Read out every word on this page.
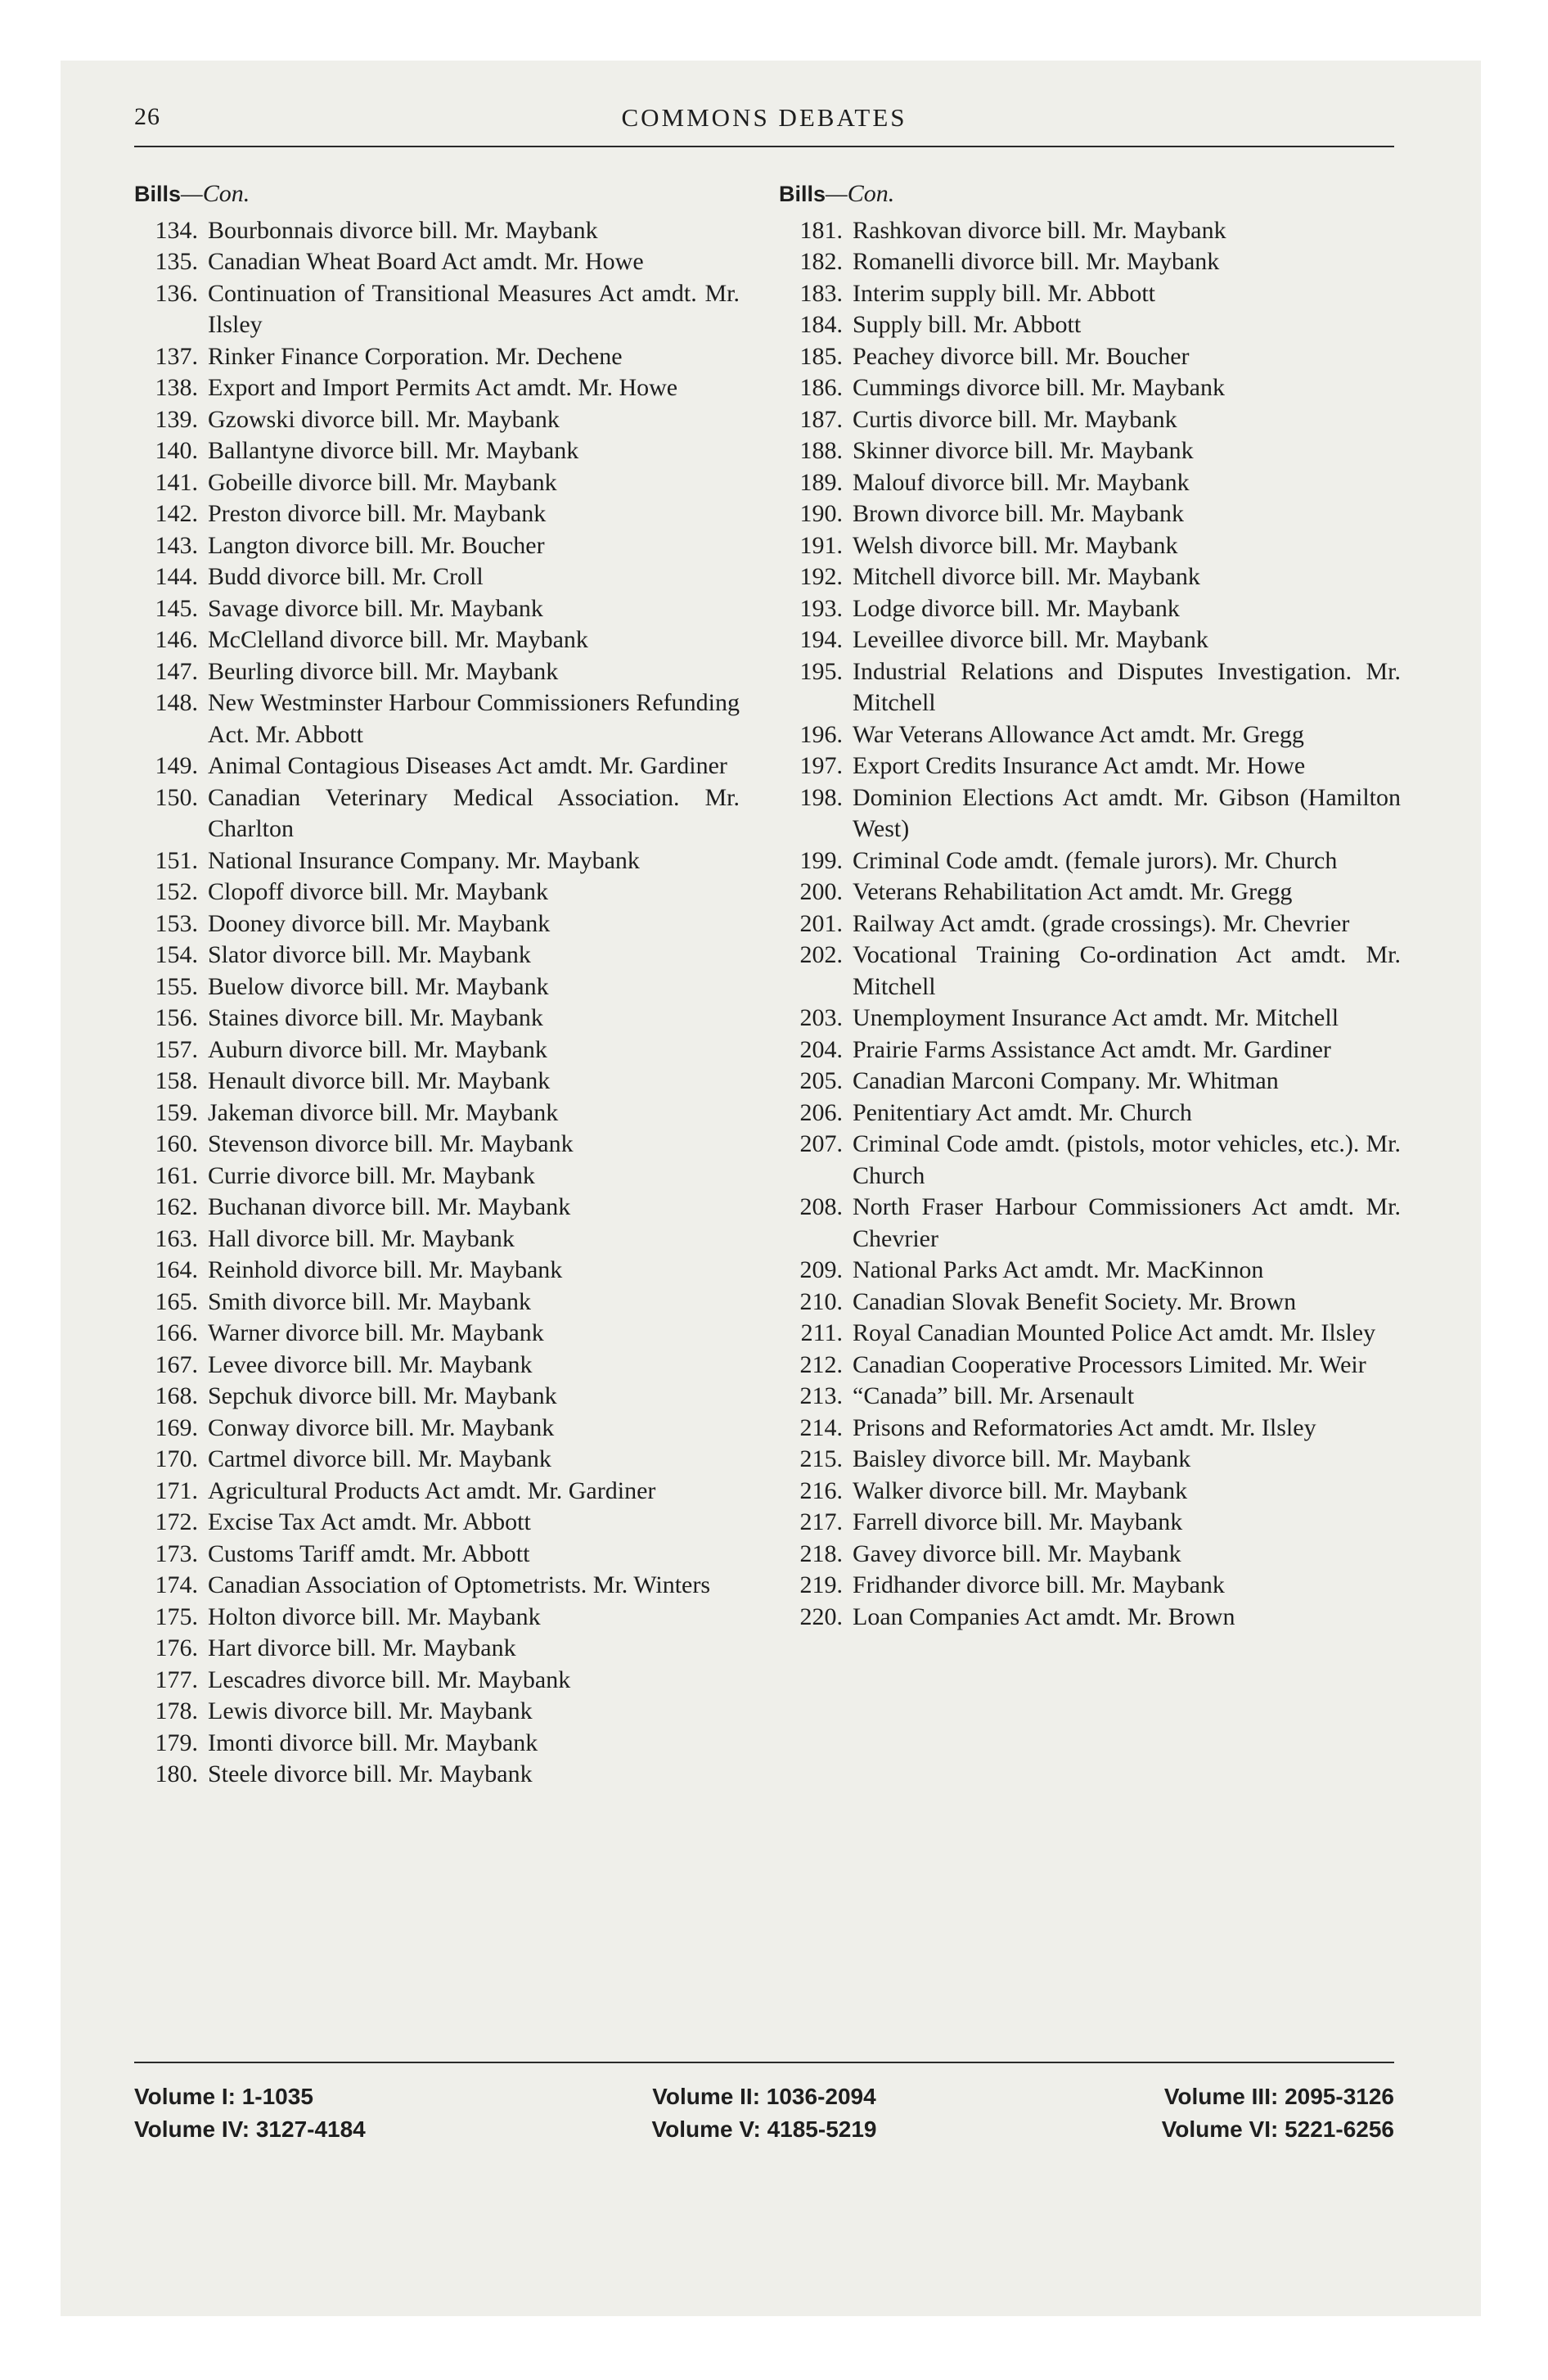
26	COMMONS DEBATES
Bills—Con.
134. Bourbonnais divorce bill. Mr. Maybank
135. Canadian Wheat Board Act amdt. Mr. Howe
136. Continuation of Transitional Measures Act amdt. Mr. Ilsley
137. Rinker Finance Corporation. Mr. Dechene
138. Export and Import Permits Act amdt. Mr. Howe
139. Gzowski divorce bill. Mr. Maybank
140. Ballantyne divorce bill. Mr. Maybank
141. Gobeille divorce bill. Mr. Maybank
142. Preston divorce bill. Mr. Maybank
143. Langton divorce bill. Mr. Boucher
144. Budd divorce bill. Mr. Croll
145. Savage divorce bill. Mr. Maybank
146. McClelland divorce bill. Mr. Maybank
147. Beurling divorce bill. Mr. Maybank
148. New Westminster Harbour Commissioners Refunding Act. Mr. Abbott
149. Animal Contagious Diseases Act amdt. Mr. Gardiner
150. Canadian Veterinary Medical Association. Mr. Charlton
151. National Insurance Company. Mr. Maybank
152. Clopoff divorce bill. Mr. Maybank
153. Dooney divorce bill. Mr. Maybank
154. Slator divorce bill. Mr. Maybank
155. Buelow divorce bill. Mr. Maybank
156. Staines divorce bill. Mr. Maybank
157. Auburn divorce bill. Mr. Maybank
158. Henault divorce bill. Mr. Maybank
159. Jakeman divorce bill. Mr. Maybank
160. Stevenson divorce bill. Mr. Maybank
161. Currie divorce bill. Mr. Maybank
162. Buchanan divorce bill. Mr. Maybank
163. Hall divorce bill. Mr. Maybank
164. Reinhold divorce bill. Mr. Maybank
165. Smith divorce bill. Mr. Maybank
166. Warner divorce bill. Mr. Maybank
167. Levee divorce bill. Mr. Maybank
168. Sepchuk divorce bill. Mr. Maybank
169. Conway divorce bill. Mr. Maybank
170. Cartmel divorce bill. Mr. Maybank
171. Agricultural Products Act amdt. Mr. Gardiner
172. Excise Tax Act amdt. Mr. Abbott
173. Customs Tariff amdt. Mr. Abbott
174. Canadian Association of Optometrists. Mr. Winters
175. Holton divorce bill. Mr. Maybank
176. Hart divorce bill. Mr. Maybank
177. Lescadres divorce bill. Mr. Maybank
178. Lewis divorce bill. Mr. Maybank
179. Imonti divorce bill. Mr. Maybank
180. Steele divorce bill. Mr. Maybank
Bills—Con.
181. Rashkovan divorce bill. Mr. Maybank
182. Romanelli divorce bill. Mr. Maybank
183. Interim supply bill. Mr. Abbott
184. Supply bill. Mr. Abbott
185. Peachey divorce bill. Mr. Boucher
186. Cummings divorce bill. Mr. Maybank
187. Curtis divorce bill. Mr. Maybank
188. Skinner divorce bill. Mr. Maybank
189. Malouf divorce bill. Mr. Maybank
190. Brown divorce bill. Mr. Maybank
191. Welsh divorce bill. Mr. Maybank
192. Mitchell divorce bill. Mr. Maybank
193. Lodge divorce bill. Mr. Maybank
194. Leveillee divorce bill. Mr. Maybank
195. Industrial Relations and Disputes Investigation. Mr. Mitchell
196. War Veterans Allowance Act amdt. Mr. Gregg
197. Export Credits Insurance Act amdt. Mr. Howe
198. Dominion Elections Act amdt. Mr. Gibson (Hamilton West)
199. Criminal Code amdt. (female jurors). Mr. Church
200. Veterans Rehabilitation Act amdt. Mr. Gregg
201. Railway Act amdt. (grade crossings). Mr. Chevrier
202. Vocational Training Co-ordination Act amdt. Mr. Mitchell
203. Unemployment Insurance Act amdt. Mr. Mitchell
204. Prairie Farms Assistance Act amdt. Mr. Gardiner
205. Canadian Marconi Company. Mr. Whitman
206. Penitentiary Act amdt. Mr. Church
207. Criminal Code amdt. (pistols, motor vehicles, etc.). Mr. Church
208. North Fraser Harbour Commissioners Act amdt. Mr. Chevrier
209. National Parks Act amdt. Mr. MacKinnon
210. Canadian Slovak Benefit Society. Mr. Brown
211. Royal Canadian Mounted Police Act amdt. Mr. Ilsley
212. Canadian Cooperative Processors Limited. Mr. Weir
213. “Canada” bill. Mr. Arsenault
214. Prisons and Reformatories Act amdt. Mr. Ilsley
215. Baisley divorce bill. Mr. Maybank
216. Walker divorce bill. Mr. Maybank
217. Farrell divorce bill. Mr. Maybank
218. Gavey divorce bill. Mr. Maybank
219. Fridhander divorce bill. Mr. Maybank
220. Loan Companies Act amdt. Mr. Brown
Volume I: 1-1035	Volume II: 1036-2094	Volume III: 2095-3126
Volume IV: 3127-4184	Volume V: 4185-5219	Volume VI: 5221-6256
